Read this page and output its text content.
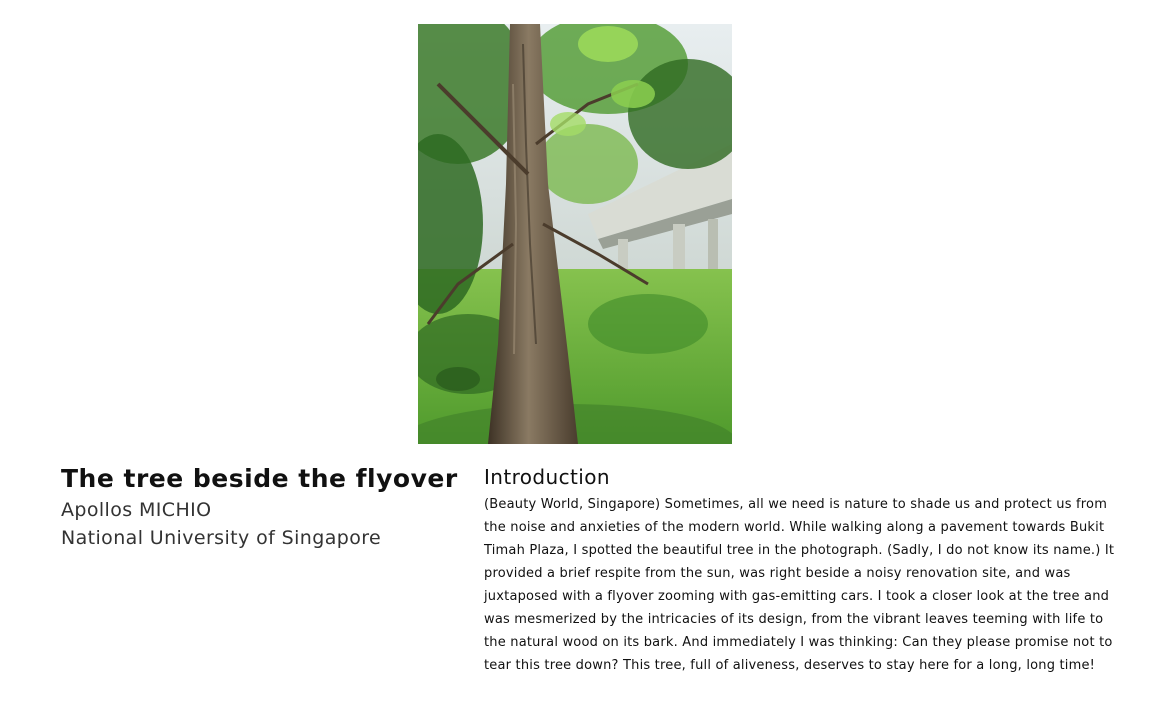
The tree beside the flyover

Apollos MICHIO

National University of Singapore

Introduction

(Beauty World, Singapore) Sometimes, all we need is nature to shade us and protect us from the noise and anxieties of the modern world. While walking along a pavement towards Bukit Timah Plaza, I spotted the beautiful tree in the photograph. (Sadly, I do not know its name.) It provided a brief respite from the sun, was right beside a noisy renovation site, and was juxtaposed with a flyover zooming with gas-emitting cars. I took a closer look at the tree and was mesmerized by the intricacies of its design, from the vibrant leaves teeming with life to the natural wood on its bark. And immediately I was thinking: Can they please promise not to tear this tree down? This tree, full of aliveness, deserves to stay here for a long, long time!
